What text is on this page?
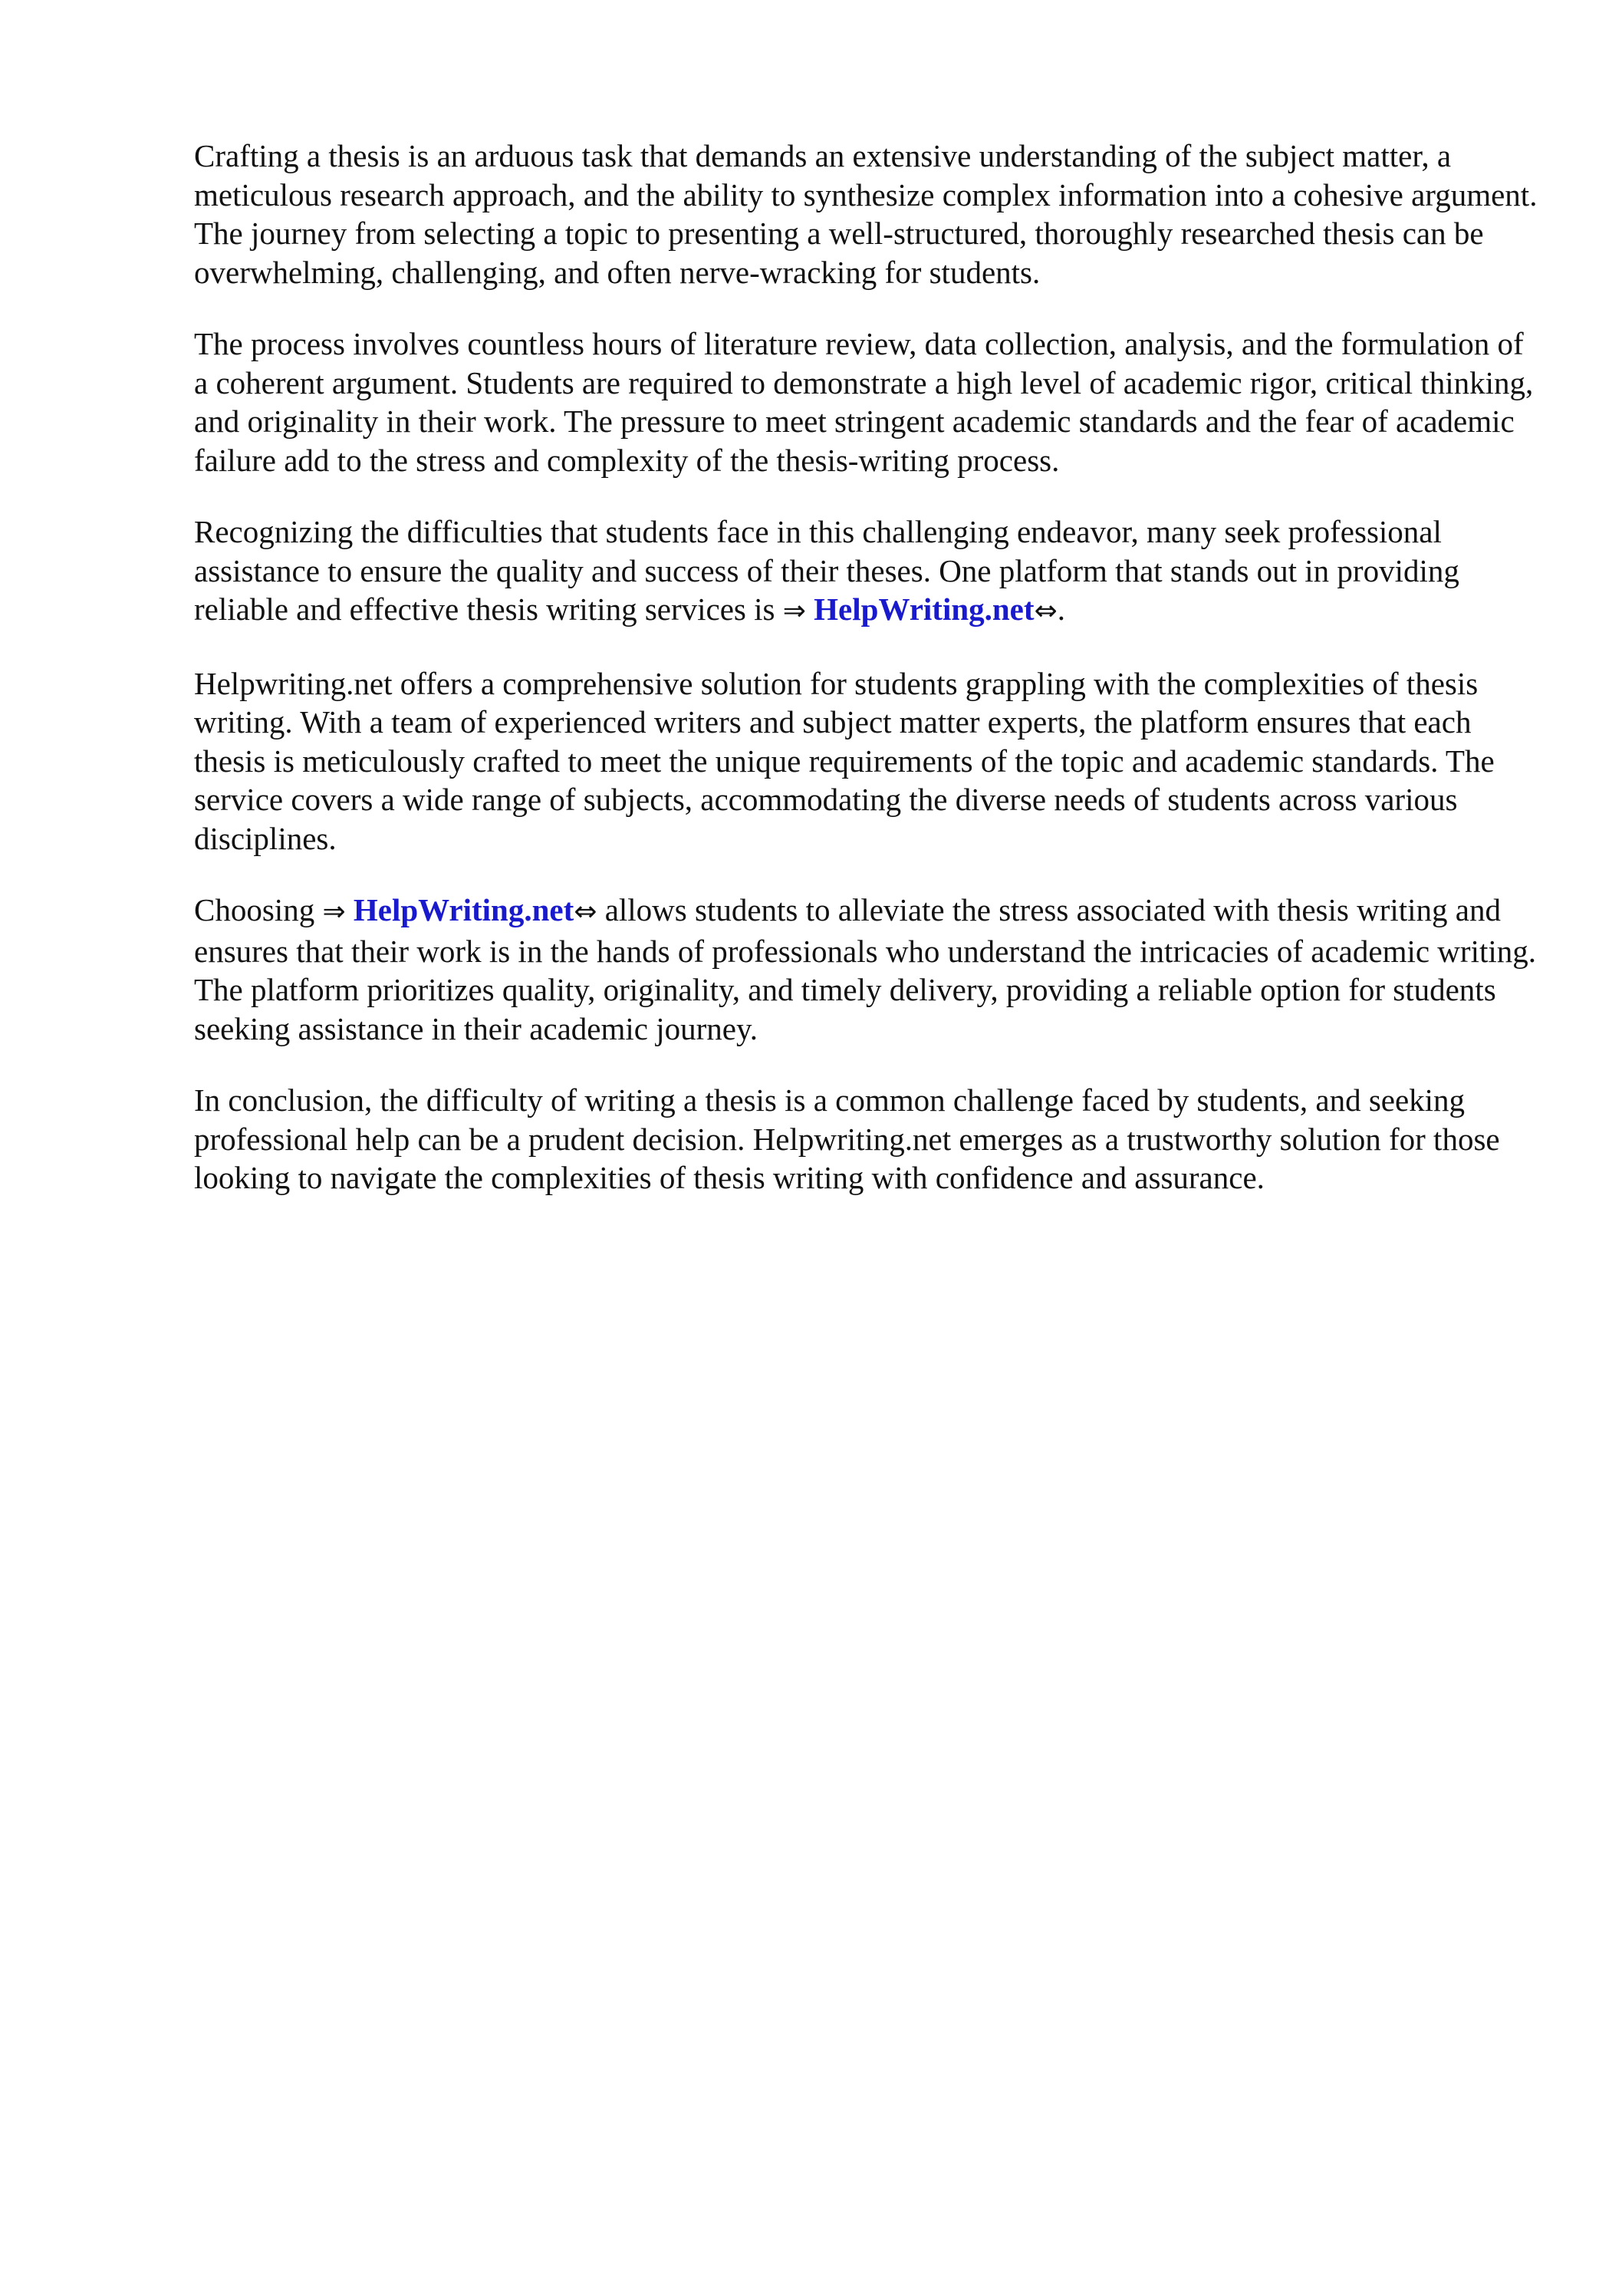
Crafting a thesis is an arduous task that demands an extensive understanding of the subject matter, a meticulous research approach, and the ability to synthesize complex information into a cohesive argument. The journey from selecting a topic to presenting a well-structured, thoroughly researched thesis can be overwhelming, challenging, and often nerve-wracking for students.

The process involves countless hours of literature review, data collection, analysis, and the formulation of a coherent argument. Students are required to demonstrate a high level of academic rigor, critical thinking, and originality in their work. The pressure to meet stringent academic standards and the fear of academic failure add to the stress and complexity of the thesis-writing process.

Recognizing the difficulties that students face in this challenging endeavor, many seek professional assistance to ensure the quality and success of their theses. One platform that stands out in providing reliable and effective thesis writing services is ⇒ HelpWriting.net⇔.

Helpwriting.net offers a comprehensive solution for students grappling with the complexities of thesis writing. With a team of experienced writers and subject matter experts, the platform ensures that each thesis is meticulously crafted to meet the unique requirements of the topic and academic standards. The service covers a wide range of subjects, accommodating the diverse needs of students across various disciplines.

Choosing ⇒ HelpWriting.net⇔ allows students to alleviate the stress associated with thesis writing and ensures that their work is in the hands of professionals who understand the intricacies of academic writing. The platform prioritizes quality, originality, and timely delivery, providing a reliable option for students seeking assistance in their academic journey.

In conclusion, the difficulty of writing a thesis is a common challenge faced by students, and seeking professional help can be a prudent decision. Helpwriting.net emerges as a trustworthy solution for those looking to navigate the complexities of thesis writing with confidence and assurance.
